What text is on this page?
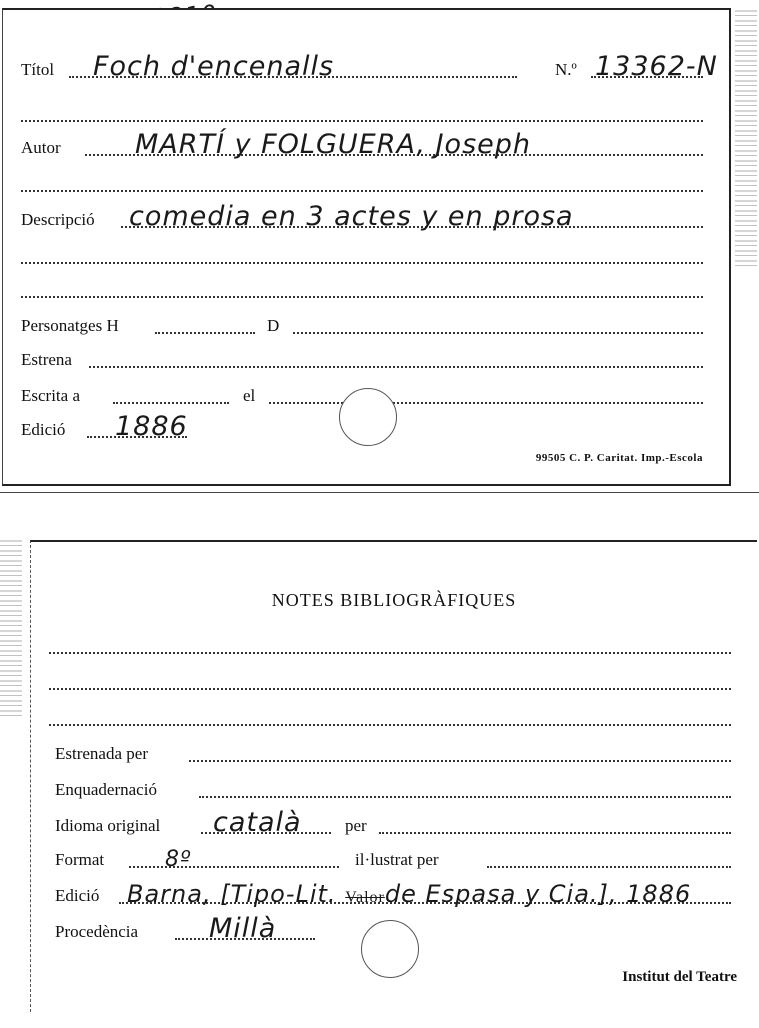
Títol Foch d'encenalls	N.º 13362-N
Autor	MARTÍ y FOLGUERA, Joseph
Descripció comedia en 3 actes y en prosa
Personatges H	D
Estrena
Escrita a	el
Edició 1886
99505 C. P. Caritat. Imp.-Escola
NOTES BIBLIOGRÀFIQUES
Estrenada per
Enquadernació
Idioma original català	per
Format	8º	il·lustrat per
Edició Barna, [Tipo-Lit. Valorde Espasa y Cia.], 1886
Procedència	Millà
Institut del Teatre
